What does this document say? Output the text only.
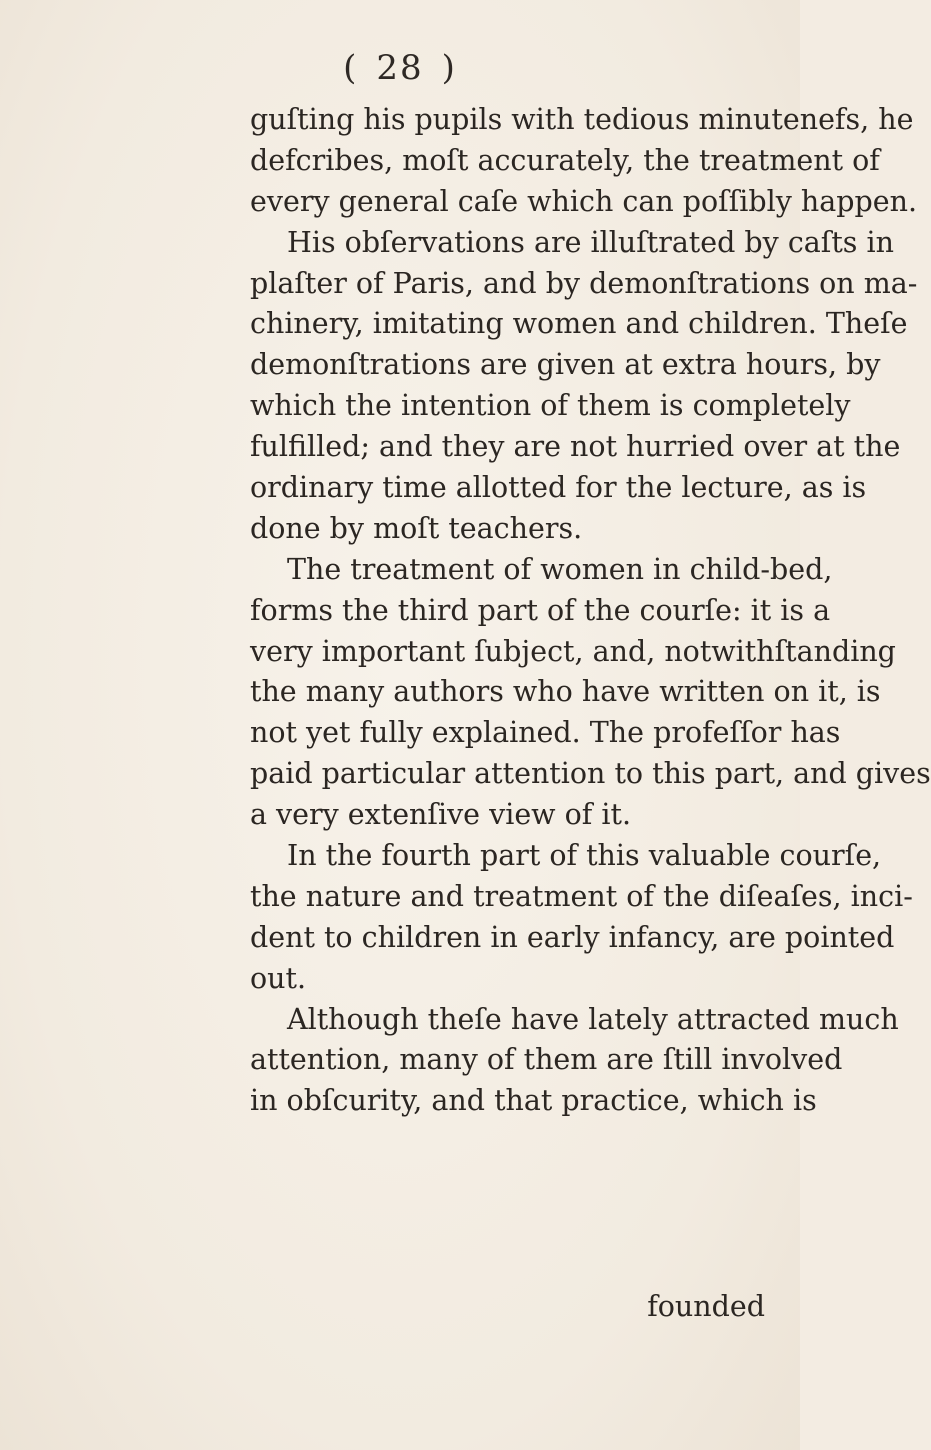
( 28 )
guſting his pupils with tedious minutenefs, he
defcribes, moſt accurately, the treatment of
every general caſe which can poſſibly happen.
His obſervations are illuſtrated by caſts in
plaſter of Paris, and by demonſtrations on ma-
chinery, imitating women and children. Theſe
demonſtrations are given at extra hours, by
which the intention of them is completely
fulfilled; and they are not hurried over at the
ordinary time allotted for the lecture, as is
done by moſt teachers.
The treatment of women in child-bed,
forms the third part of the courſe: it is a
very important ſubject, and, notwithſtanding
the many authors who have written on it, is
not yet fully explained. The profeſſor has
paid particular attention to this part, and gives
a very extenſive view of it.
In the fourth part of this valuable courſe,
the nature and treatment of the diſeaſes, inci-
dent to children in early infancy, are pointed
out.
Although theſe have lately attracted much
attention, many of them are ſtill involved
in obſcurity, and that practice, which is
founded
